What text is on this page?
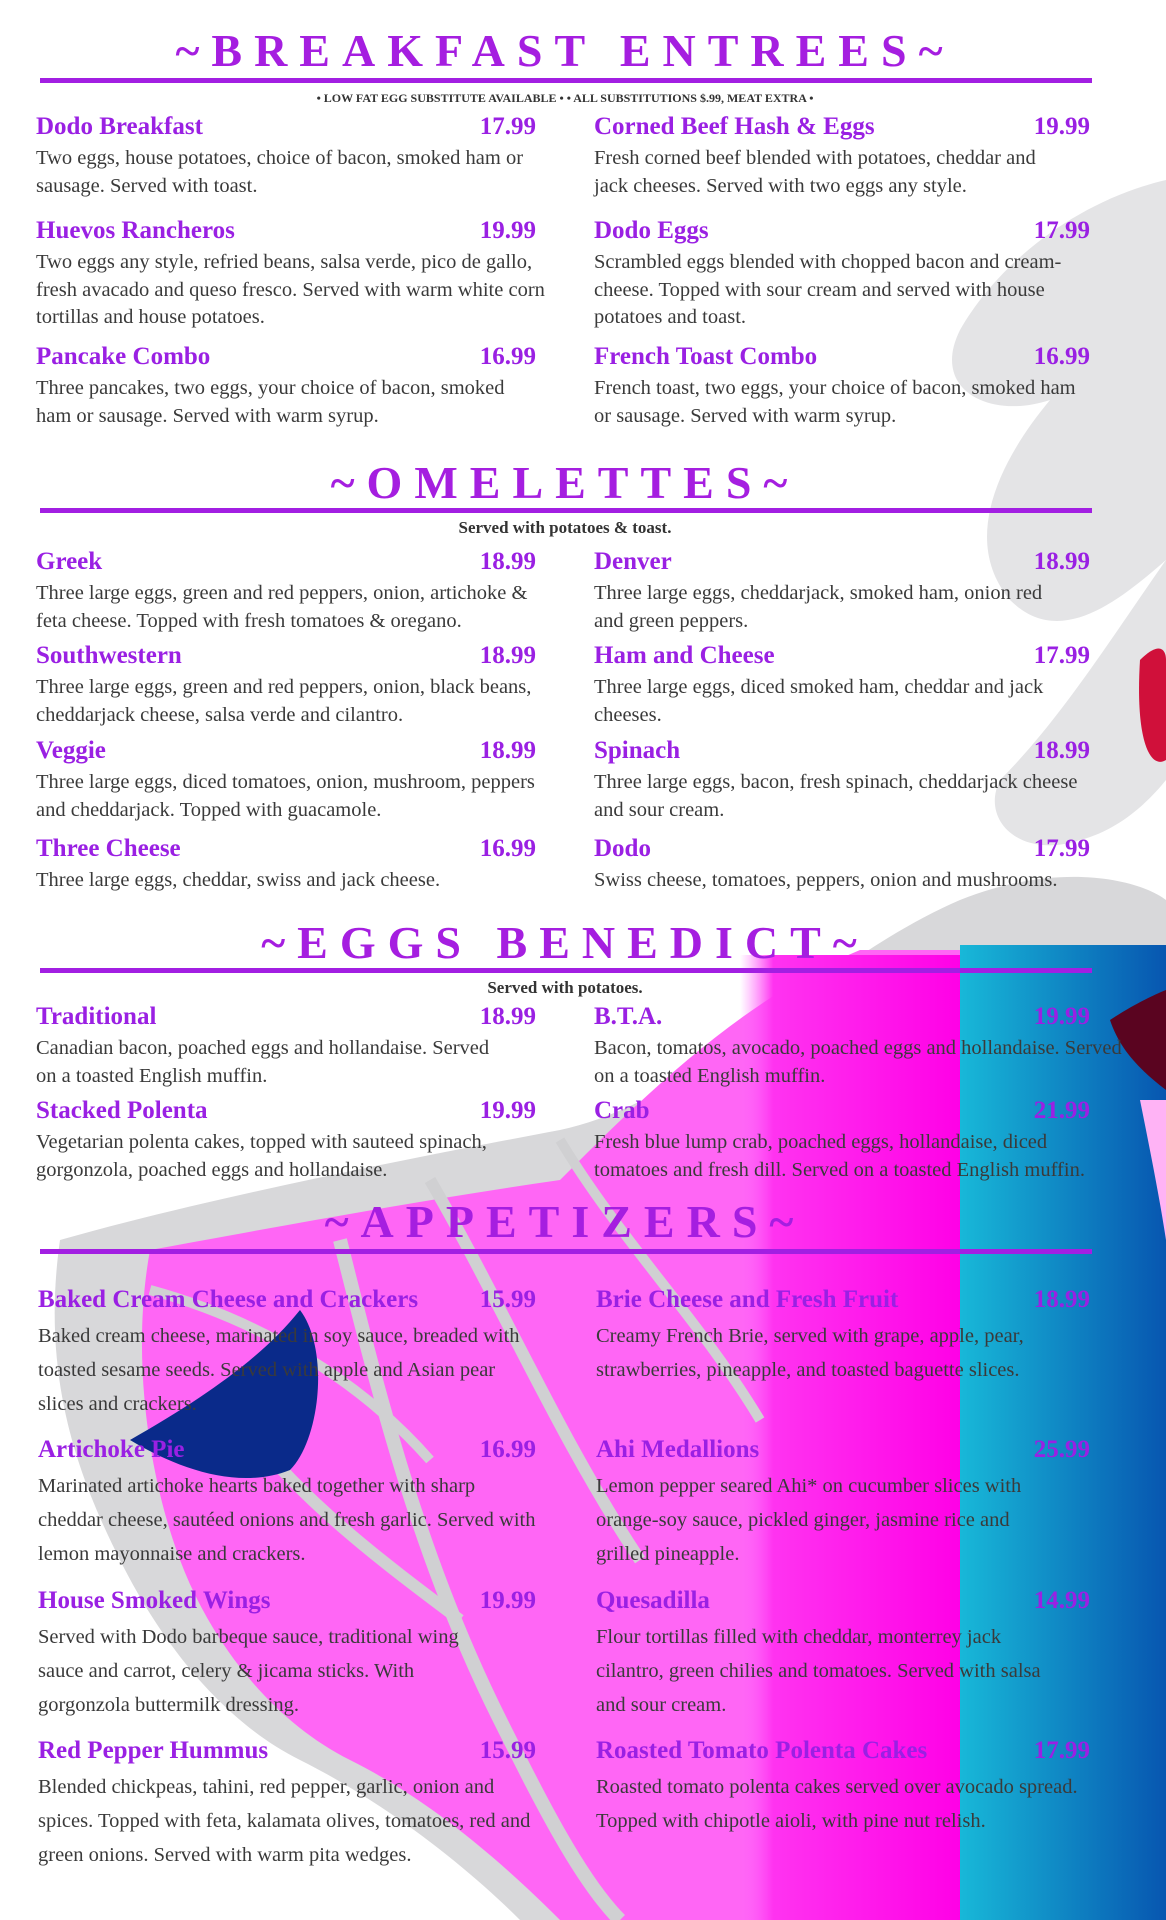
~BREAKFAST ENTREES~
• LOW FAT EGG SUBSTITUTE AVAILABLE • • ALL SUBSTITUTIONS $.99, MEAT EXTRA •
Dodo Breakfast	17.99
Two eggs, house potatoes, choice of bacon, smoked ham or sausage. Served with toast.
Corned Beef Hash & Eggs	19.99
Fresh corned beef blended with potatoes, cheddar and jack cheeses. Served with two eggs any style.
Huevos Rancheros	19.99
Two eggs any style, refried beans, salsa verde, pico de gallo, fresh avacado and queso fresco. Served with warm white corn tortillas and house potatoes.
Dodo Eggs	17.99
Scrambled eggs blended with chopped bacon and cream-cheese. Topped with sour cream and served with house potatoes and toast.
Pancake Combo	16.99
Three pancakes, two eggs, your choice of bacon, smoked ham or sausage. Served with warm syrup.
French Toast Combo	16.99
French toast, two eggs, your choice of bacon, smoked ham or sausage. Served with warm syrup.
~OMELETTES~
Served with potatoes & toast.
Greek	18.99
Three large eggs, green and red peppers, onion, artichoke & feta cheese. Topped with fresh tomatoes & oregano.
Denver	18.99
Three large eggs, cheddarjack, smoked ham, onion red and green peppers.
Southwestern	18.99
Three large eggs, green and red peppers, onion, black beans, cheddarjack cheese, salsa verde and cilantro.
Ham and Cheese	17.99
Three large eggs, diced smoked ham, cheddar and jack cheeses.
Veggie	18.99
Three large eggs, diced tomatoes, onion, mushroom, peppers and cheddarjack. Topped with guacamole.
Spinach	18.99
Three large eggs, bacon, fresh spinach, cheddarjack cheese and sour cream.
Three Cheese	16.99
Three large eggs, cheddar, swiss and jack cheese.
Dodo	17.99
Swiss cheese, tomatoes, peppers, onion and mushrooms.
~EGGS BENEDICT~
Served with potatoes.
Traditional	18.99
Canadian bacon, poached eggs and hollandaise. Served on a toasted English muffin.
B.T.A.	19.99
Bacon, tomatos, avocado, poached eggs and hollandaise. Served on a toasted English muffin.
Stacked Polenta	19.99
Vegetarian polenta cakes, topped with sauteed spinach, gorgonzola, poached eggs and hollandaise.
Crab	21.99
Fresh blue lump crab, poached eggs, hollandaise, diced tomatoes and fresh dill. Served on a toasted English muffin.
~APPETIZERS~
Baked Cream Cheese and Crackers 15.99
Baked cream cheese, marinated in soy sauce, breaded with toasted sesame seeds. Served with apple and Asian pear slices and crackers.
Brie Cheese and Fresh Fruit	18.99
Creamy French Brie, served with grape, apple, pear, strawberries, pineapple, and toasted baguette slices.
Artichoke Pie	16.99
Marinated artichoke hearts baked together with sharp cheddar cheese, sautéed onions and fresh garlic. Served with lemon mayonnaise and crackers.
Ahi Medallions	25.99
Lemon pepper seared Ahi* on cucumber slices with orange-soy sauce, pickled ginger, jasmine rice and grilled pineapple.
House Smoked Wings	19.99
Served with Dodo barbeque sauce, traditional wing sauce and carrot, celery & jicama sticks. With gorgonzola buttermilk dressing.
Quesadilla	14.99
Flour tortillas filled with cheddar, monterrey jack cilantro, green chilies and tomatoes. Served with salsa and sour cream.
Red Pepper Hummus	15.99
Blended chickpeas, tahini, red pepper, garlic, onion and spices. Topped with feta, kalamata olives, tomatoes, red and green onions. Served with warm pita wedges.
Roasted Tomato Polenta Cakes	17.99
Roasted tomato polenta cakes served over avocado spread. Topped with chipotle aioli, with pine nut relish.
